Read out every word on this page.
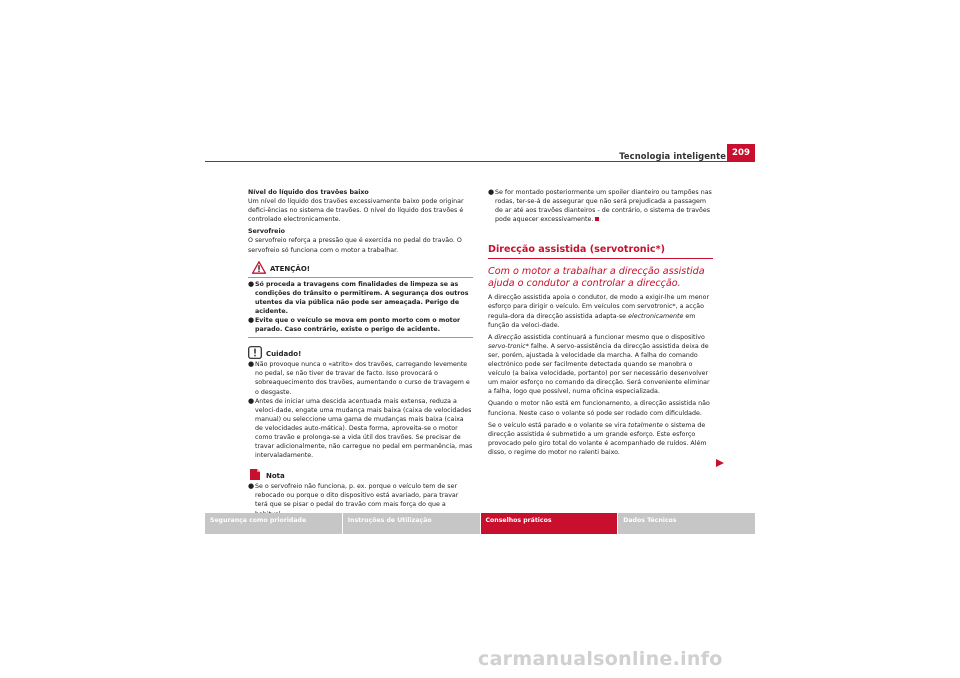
Tecnologia inteligente 209

Nível do líquido dos travões baixo

Um nível do líquido dos travões excessivamente baixo pode originar defici-ências no sistema de travões. O nível do líquido dos travões é controlado electronicamente.

Servofreio

O servofreio reforça a pressão que é exercida no pedal do travão. O servofreio só funciona com o motor a trabalhar.

ATENÇÃO!
● Só proceda a travagens com finalidades de limpeza se as condições do trânsito o permitirem. A segurança dos outros utentes da via pública não pode ser ameaçada. Perigo de acidente.
● Evite que o veículo se mova em ponto morto com o motor parado. Caso contrário, existe o perigo de acidente.
Cuidado!
● Não provoque nunca o «atrito» dos travões, carregando levemente no pedal, se não tiver de travar de facto. Isso provocará o sobreaquecimento dos travões, aumentando o curso de travagem e o desgaste.
● Antes de iniciar uma descida acentuada mais extensa, reduza a veloci-dade, engate uma mudança mais baixa (caixa de velocidades manual) ou seleccione uma gama de mudanças mais baixa (caixa de velocidades auto-mática). Desta forma, aproveita-se o motor como travão e prolonga-se a vida útil dos travões. Se precisar de travar adicionalmente, não carregue no pedal em permanência, mas intervaladamente.
Nota
● Se o servofreio não funciona, p. ex. porque o veículo tem de ser rebocado ou porque o dito dispositivo está avariado, para travar terá que se pisar o pedal do travão com mais força do que a
● Se for montado posteriormente um spoiler dianteiro ou tampões nas rodas, ter-se-á de assegurar que não será prejudicada a passagem de ar até aos travões dianteiros - de contrário, o sistema de travões pode aquecer excessivamente.
Direcção assistida (servotronic*)
Com o motor a trabalhar a direcção assistida ajuda o condutor a controlar a direcção.

A direcção assistida apoia o condutor, de modo a exigir-lhe um menor esforço para dirigir o veículo. Em veículos com servotronic*, a acção regula-dora da direcção assistida adapta-se electronicamente em função da veloci-dade.

A direcção assistida continuará a funcionar mesmo que o dispositivo servo-tronic* falhe. A servo-assistência da direcção assistida deixa de ser, porém, ajustada à velocidade da marcha. A falha do comando electrónico pode ser facilmente detectada quando se manobra o veículo (a baixa velocidade, portanto) por ser necessário desenvolver um maior esforço no comando da direcção. Será conveniente eliminar a falha, logo que possível, numa oficina especializada.

Quando o motor não está em funcionamento, a direcção assistida não funciona. Neste caso o volante só pode ser rodado com dificuldade.

Se o veículo está parado e o volante se vira totalmente o sistema de direcção assistida é submetido a um grande esforço. Este esforço provocado pelo giro total do volante é acompanhado de ruídos. Além disso, o regime do motor no ralenti baixo.

Segurança como prioridade	Instruções de Utilização	Conselhos práticos	Dados Técnicos
carmanualsonline.info
